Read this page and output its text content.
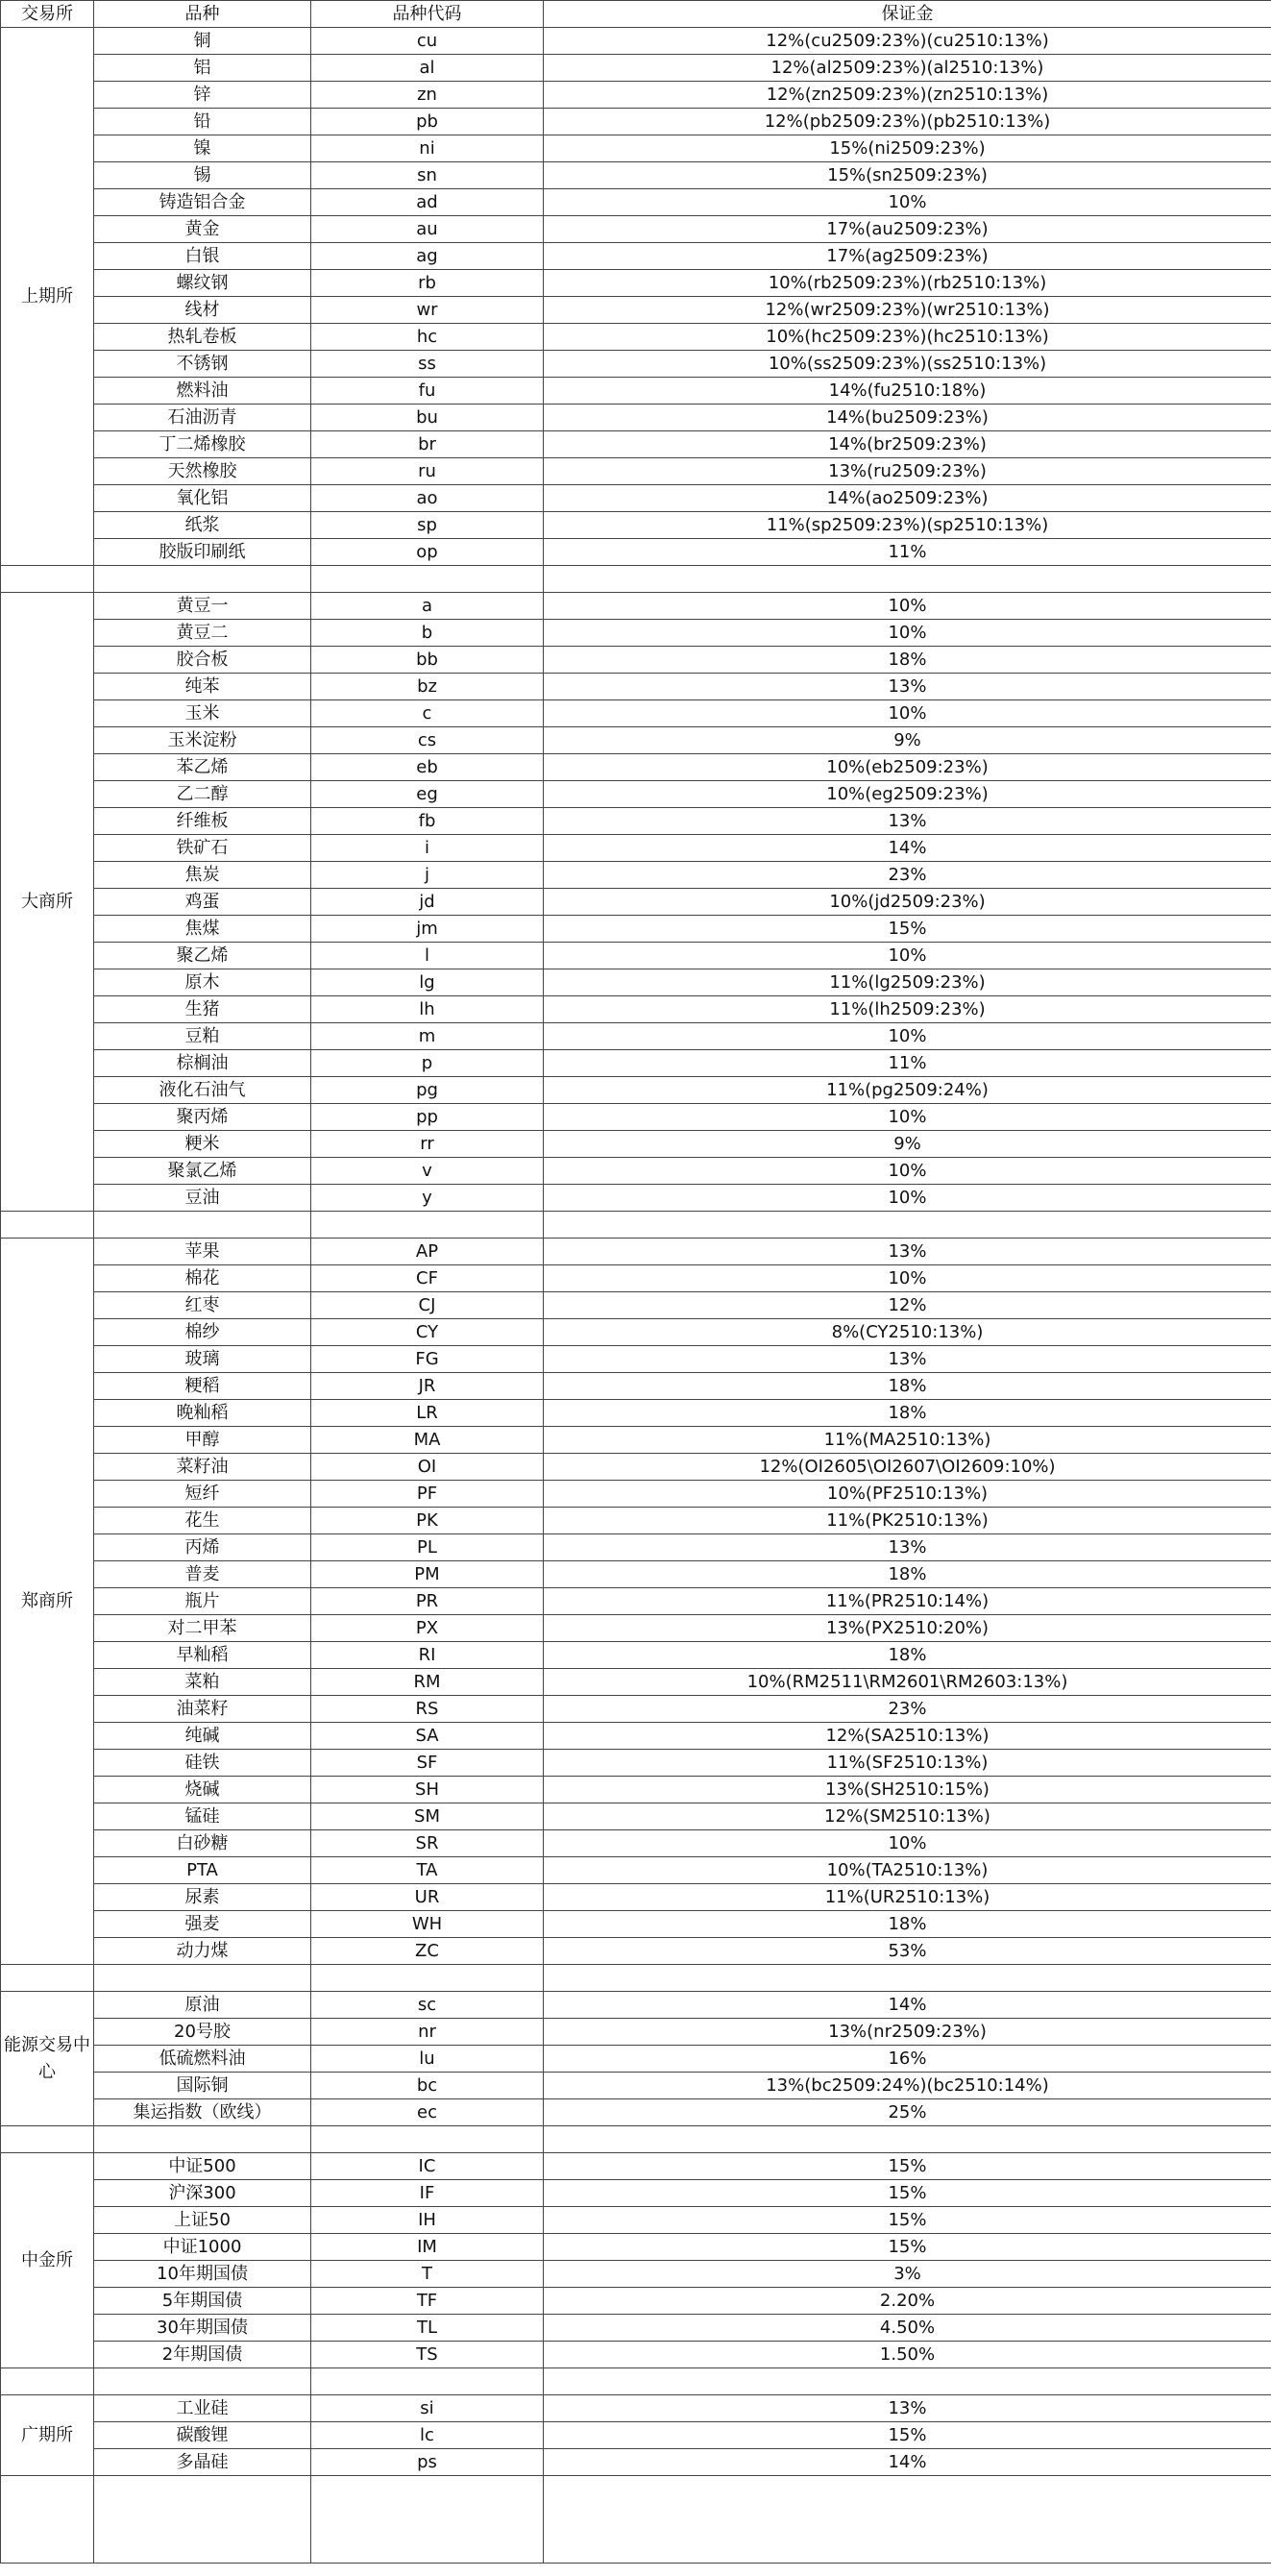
交易所	品种	品种代码	保证金
上期所	铜	cu	12%(cu2509:23%)(cu2510:13%)
	铝	al	12%(al2509:23%)(al2510:13%)
	锌	zn	12%(zn2509:23%)(zn2510:13%)
	铅	pb	12%(pb2509:23%)(pb2510:13%)
	镍	ni	15%(ni2509:23%)
	锡	sn	15%(sn2509:23%)
	铸造铝合金	ad	10%
	黄金	au	17%(au2509:23%)
	白银	ag	17%(ag2509:23%)
	螺纹钢	rb	10%(rb2509:23%)(rb2510:13%)
	线材	wr	12%(wr2509:23%)(wr2510:13%)
	热轧卷板	hc	10%(hc2509:23%)(hc2510:13%)
	不锈钢	ss	10%(ss2509:23%)(ss2510:13%)
	燃料油	fu	14%(fu2510:18%)
	石油沥青	bu	14%(bu2509:23%)
	丁二烯橡胶	br	14%(br2509:23%)
	天然橡胶	ru	13%(ru2509:23%)
	氧化铝	ao	14%(ao2509:23%)
	纸浆	sp	11%(sp2509:23%)(sp2510:13%)
	胶版印刷纸	op	11%

大商所	黄豆一	a	10%
	黄豆二	b	10%
	胶合板	bb	18%
	纯苯	bz	13%
	玉米	c	10%
	玉米淀粉	cs	9%
	苯乙烯	eb	10%(eb2509:23%)
	乙二醇	eg	10%(eg2509:23%)
	纤维板	fb	13%
	铁矿石	i	14%
	焦炭	j	23%
	鸡蛋	jd	10%(jd2509:23%)
	焦煤	jm	15%
	聚乙烯	l	10%
	原木	lg	11%(lg2509:23%)
	生猪	lh	11%(lh2509:23%)
	豆粕	m	10%
	棕榈油	p	11%
	液化石油气	pg	11%(pg2509:24%)
	聚丙烯	pp	10%
	粳米	rr	9%
	聚氯乙烯	v	10%
	豆油	y	10%

郑商所	苹果	AP	13%
	棉花	CF	10%
	红枣	CJ	12%
	棉纱	CY	8%(CY2510:13%)
	玻璃	FG	13%
	粳稻	JR	18%
	晚籼稻	LR	18%
	甲醇	MA	11%(MA2510:13%)
	菜籽油	OI	12%(OI2605\OI2607\OI2609:10%)
	短纤	PF	10%(PF2510:13%)
	花生	PK	11%(PK2510:13%)
	丙烯	PL	13%
	普麦	PM	18%
	瓶片	PR	11%(PR2510:14%)
	对二甲苯	PX	13%(PX2510:20%)
	早籼稻	RI	18%
	菜粕	RM	10%(RM2511\RM2601\RM2603:13%)
	油菜籽	RS	23%
	纯碱	SA	12%(SA2510:13%)
	硅铁	SF	11%(SF2510:13%)
	烧碱	SH	13%(SH2510:15%)
	锰硅	SM	12%(SM2510:13%)
	白砂糖	SR	10%
	PTA	TA	10%(TA2510:13%)
	尿素	UR	11%(UR2510:13%)
	强麦	WH	18%
	动力煤	ZC	53%

能源交易中心	原油	sc	14%
	20号胶	nr	13%(nr2509:23%)
	低硫燃料油	lu	16%
	国际铜	bc	13%(bc2509:24%)(bc2510:14%)
	集运指数（欧线）	ec	25%

中金所	中证500	IC	15%
	沪深300	IF	15%
	上证50	IH	15%
	中证1000	IM	15%
	10年期国债	T	3%
	5年期国债	TF	2.20%
	30年期国债	TL	4.50%
	2年期国债	TS	1.50%

广期所	工业硅	si	13%
	碳酸锂	lc	15%
	多晶硅	ps	14%
